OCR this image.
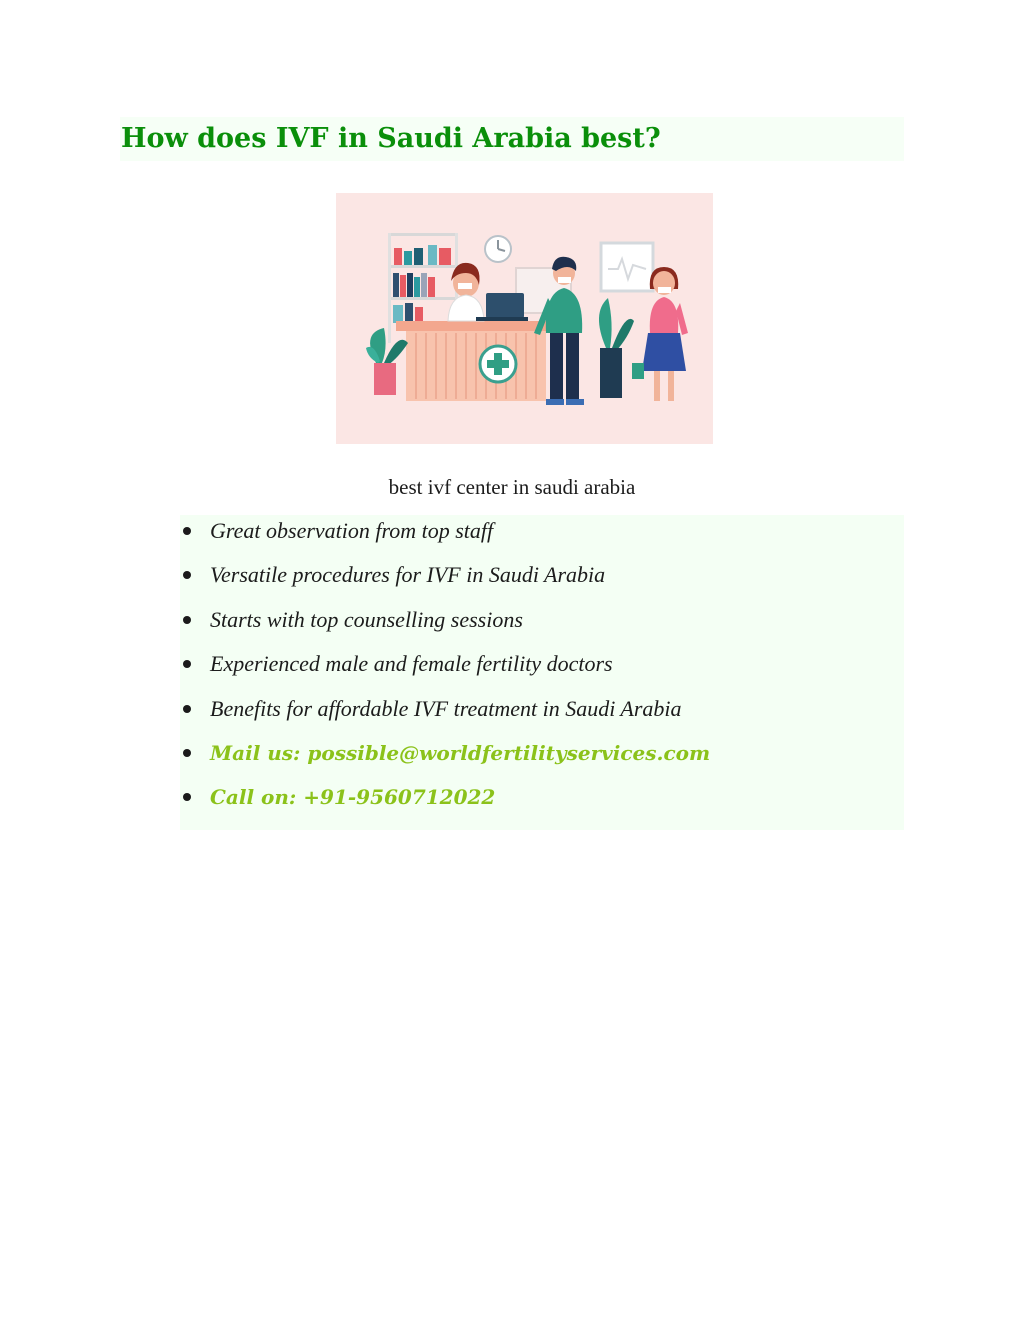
How does IVF in Saudi Arabia best?
best ivf center in saudi arabia
Great observation from top staff
Versatile procedures for IVF in Saudi Arabia
Starts with top counselling sessions
Experienced male and female fertility doctors
Benefits for affordable IVF treatment in Saudi Arabia
Mail us: possible@worldfertilityservices.com
Call on: +91-9560712022
